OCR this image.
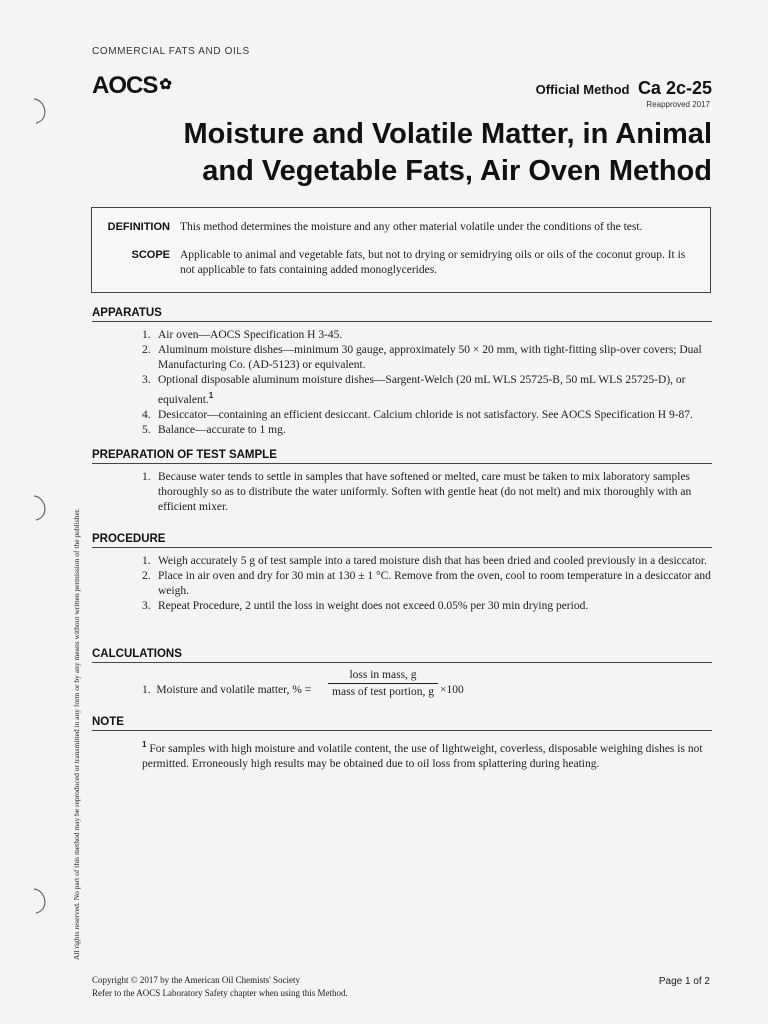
COMMERCIAL FATS AND OILS
AOCS ✿	Official Method Ca 2c-25
Reapproved 2017
Moisture and Volatile Matter, in Animal
and Vegetable Fats, Air Oven Method
DEFINITION This method determines the moisture and any other material volatile under the conditions of the test.
SCOPE Applicable to animal and vegetable fats, but not to drying or semidrying oils or oils of the coconut group. It is not applicable to fats containing added monoglycerides.
APPARATUS
1. Air oven—AOCS Specification H 3-45.
2. Aluminum moisture dishes—minimum 30 gauge, approximately 50 × 20 mm, with tight-fitting slip-over covers; Dual Manufacturing Co. (AD-5123) or equivalent.
3. Optional disposable aluminum moisture dishes—Sargent-Welch (20 mL WLS 25725-B, 50 mL WLS 25725-D), or equivalent.$^1$
4. Desiccator—containing an efficient desiccant. Calcium chloride is not satisfactory. See AOCS Specification H 9-87.
5. Balance—accurate to 1 mg.
PREPARATION OF TEST SAMPLE
1. Because water tends to settle in samples that have softened or melted, care must be taken to mix laboratory samples thoroughly so as to distribute the water uniformly. Soften with gentle heat (do not melt) and mix thoroughly with an efficient mixer.
PROCEDURE
1. Weigh accurately 5 g of test sample into a tared moisture dish that has been dried and cooled previously in a desiccator.
2. Place in air oven and dry for 30 min at 130 ± 1 °C. Remove from the oven, cool to room temperature in a desiccator and weigh.
3. Repeat Procedure, 2 until the loss in weight does not exceed 0.05% per 30 min drying period.
CALCULATIONS
1. Moisture and volatile matter, % =
loss in mass, g
mass of test portion, g ×100
NOTE
$^1$ For samples with high moisture and volatile content, the use of lightweight, coverless, disposable weighing dishes is not permitted. Erroneously high results may be obtained due to oil loss from splattering during heating.
All rights reserved. No part of this method may be reproduced or transmitted in any form or by any means without written permission of the publisher.
Copyright © 2017 by the American Oil Chemists' Society
Refer to the AOCS Laboratory Safety chapter when using this Method.
Page 1 of 2
